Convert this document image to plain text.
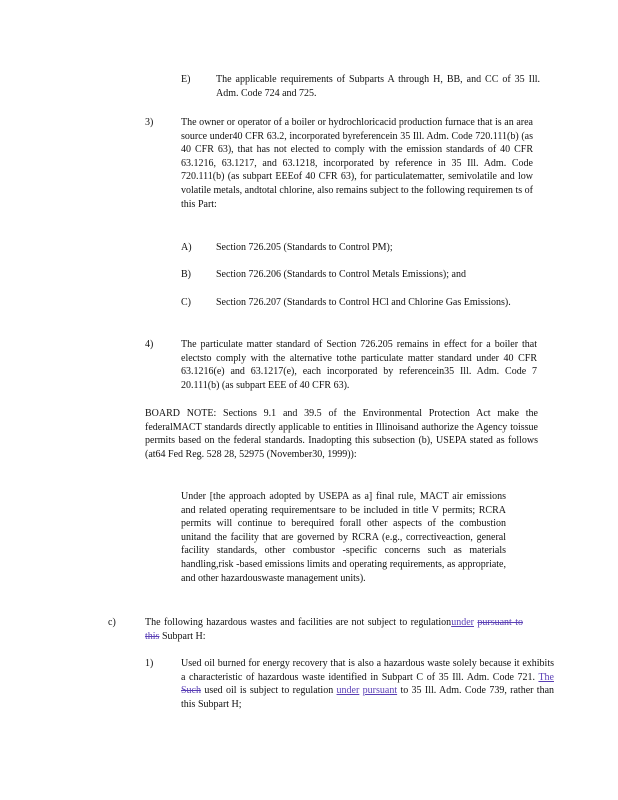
E)	The applicable requirements of Subparts A through H, BB, and CC of 35 Ill. Adm. Code 724 and 725.
3)	The owner or operator of a boiler or hydrochloricacid production furnace that is an area source under40 CFR 63.2, incorporated byreferencein 35 Ill. Adm. Code 720.111(b) (as 40 CFR 63), that has not elected to comply with the emission standards of 40 CFR 63.1216, 63.1217, and 63.1218, incorporated by reference in 35 Ill. Adm. Code 720.111(b) (as subpart EEEof 40 CFR 63), for particulatematter, semivolatile and low volatile metals, andtotal chlorine, also remains subject to the following requiremen ts of this Part:
A) Section 726.205 (Standards to Control PM);
B)	Section 726.206 (Standards to Control Metals Emissions); and
C)	Section 726.207 (Standards to Control HCl and Chlorine Gas Emissions).
4)	The particulate matter standard of Section 726.205 remains in effect for a boiler that electsto comply with the alternative tothe particulate matter standard under 40 CFR 63.1216(e) and 63.1217(e), each incorporated by referencein35 Ill. Adm. Code 7 20.111(b) (as subpart EEE of 40 CFR 63).
BOARD NOTE: Sections 9.1 and 39.5 of the Environmental Protection Act make the federalMACT standards directly applicable to entities in Illinoisand authorize the Agency toissue permits based on the federal standards. Inadopting this subsection (b), USEPA stated as follows (at64 Fed Reg. 528 28, 52975 (November30, 1999)):
Under [the approach adopted by USEPA as a] final rule, MACT air emissions and related operating requirementsare to be included in title V permits; RCRA permits will continue to berequired forall other aspects of the combustion unitand the facility that are governed by RCRA (e.g., correctiveaction, general facility standards, other combustor -specific concerns such as materials handling,risk -based emissions limits and operating requirements, as appropriate, and other hazardouswaste management units).
c)	The following hazardous wastes and facilities are not subject to regulationunder pursuant to this Subpart H:
1)	Used oil burned for energy recovery that is also a hazardous waste solely because it exhibits a characteristic of hazardous waste identified in Subpart C of 35 Ill. Adm. Code 721. The Such used oil is subject to regulation under pursuant to 35 Ill. Adm. Code 739, rather than this Subpart H;
